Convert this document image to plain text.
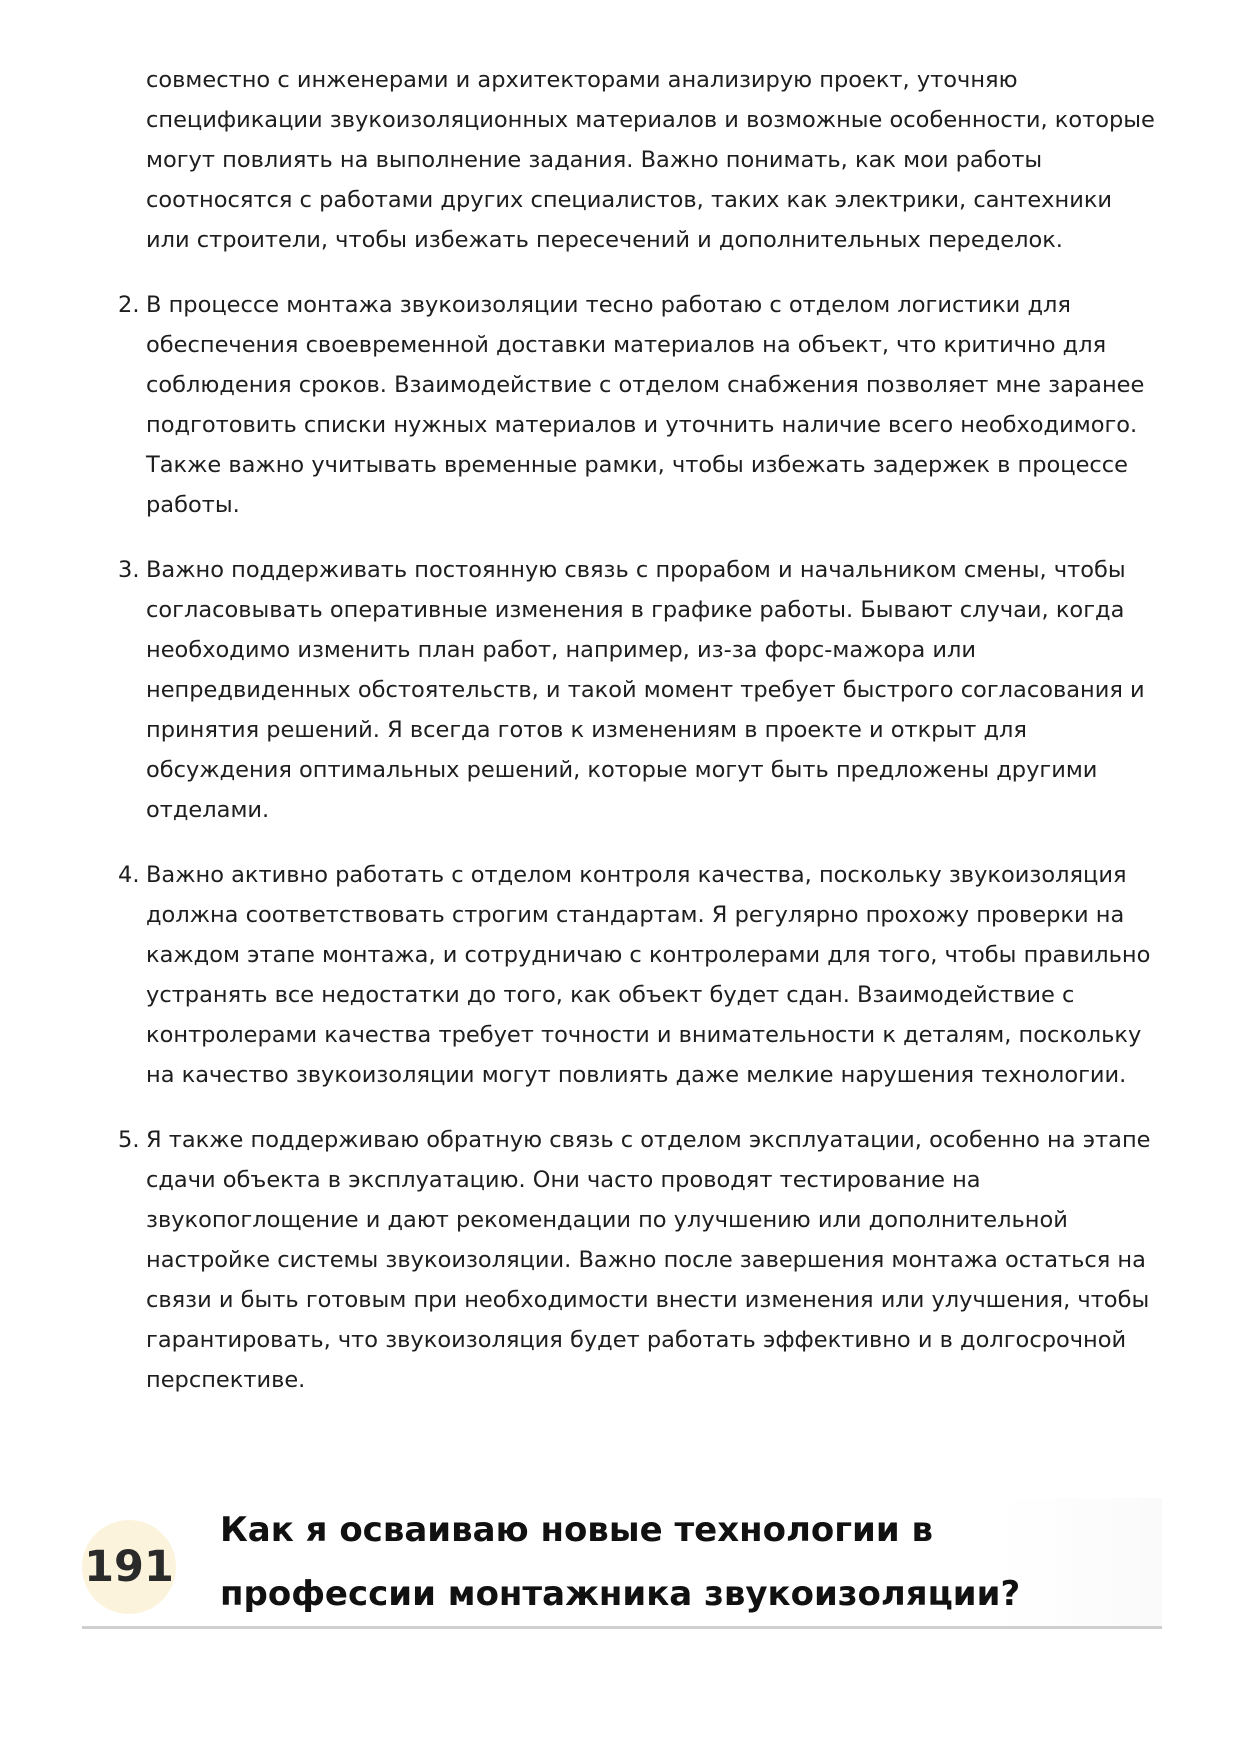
совместно с инженерами и архитекторами анализирую проект, уточняю спецификации звукоизоляционных материалов и возможные особенности, которые могут повлиять на выполнение задания. Важно понимать, как мои работы соотносятся с работами других специалистов, таких как электрики, сантехники или строители, чтобы избежать пересечений и дополнительных переделок.

2. В процессе монтажа звукоизоляции тесно работаю с отделом логистики для обеспечения своевременной доставки материалов на объект, что критично для соблюдения сроков. Взаимодействие с отделом снабжения позволяет мне заранее подготовить списки нужных материалов и уточнить наличие всего необходимого. Также важно учитывать временные рамки, чтобы избежать задержек в процессе работы.

3. Важно поддерживать постоянную связь с прорабом и начальником смены, чтобы согласовывать оперативные изменения в графике работы. Бывают случаи, когда необходимо изменить план работ, например, из-за форс-мажора или непредвиденных обстоятельств, и такой момент требует быстрого согласования и принятия решений. Я всегда готов к изменениям в проекте и открыт для обсуждения оптимальных решений, которые могут быть предложены другими отделами.

4. Важно активно работать с отделом контроля качества, поскольку звукоизоляция должна соответствовать строгим стандартам. Я регулярно прохожу проверки на каждом этапе монтажа, и сотрудничаю с контролерами для того, чтобы правильно устранять все недостатки до того, как объект будет сдан. Взаимодействие с контролерами качества требует точности и внимательности к деталям, поскольку на качество звукоизоляции могут повлиять даже мелкие нарушения технологии.

5. Я также поддерживаю обратную связь с отделом эксплуатации, особенно на этапе сдачи объекта в эксплуатацию. Они часто проводят тестирование на звукопоглощение и дают рекомендации по улучшению или дополнительной настройке системы звукоизоляции. Важно после завершения монтажа остаться на связи и быть готовым при необходимости внести изменения или улучшения, чтобы гарантировать, что звукоизоляция будет работать эффективно и в долгосрочной перспективе.

191
Как я осваиваю новые технологии в профессии монтажника звукоизоляции?
